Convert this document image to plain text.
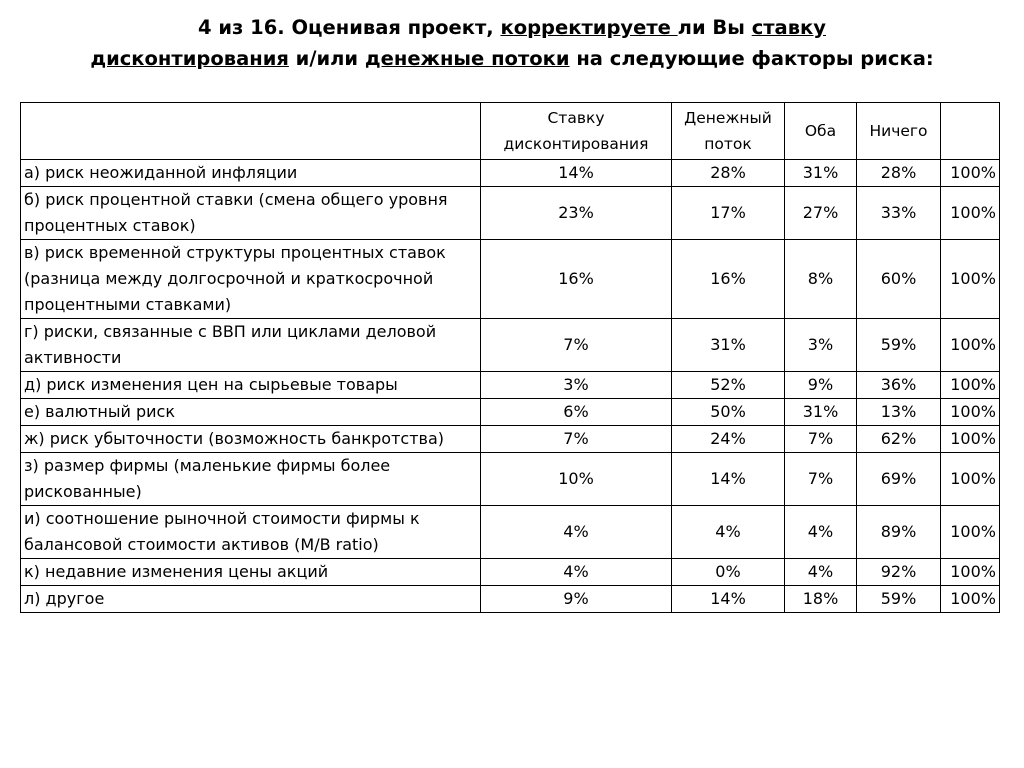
4 из 16. Оценивая проект, корректируете ли Вы ставку
дисконтирования и/или денежные потоки на следующие факторы риска:
	Ставку дисконтирования	Денежный поток	Оба	Ничего	
а) риск неожиданной инфляции	14%	28%	31%	28%	100%
б) риск процентной ставки (смена общего уровня процентных ставок)	23%	17%	27%	33%	100%
в) риск временной структуры процентных ставок (разница между долгосрочной и краткосрочной процентными ставками)	16%	16%	8%	60%	100%
г) риски, связанные с ВВП или циклами деловой активности	7%	31%	3%	59%	100%
д) риск изменения цен на сырьевые товары	3%	52%	9%	36%	100%
е) валютный риск	6%	50%	31%	13%	100%
ж) риск убыточности (возможность банкротства)	7%	24%	7%	62%	100%
з) размер фирмы (маленькие фирмы более рискованные)	10%	14%	7%	69%	100%
и) соотношение рыночной стоимости фирмы к балансовой стоимости активов (M/B ratio)	4%	4%	4%	89%	100%
к) недавние изменения цены акций	4%	0%	4%	92%	100%
л) другое	9%	14%	18%	59%	100%
